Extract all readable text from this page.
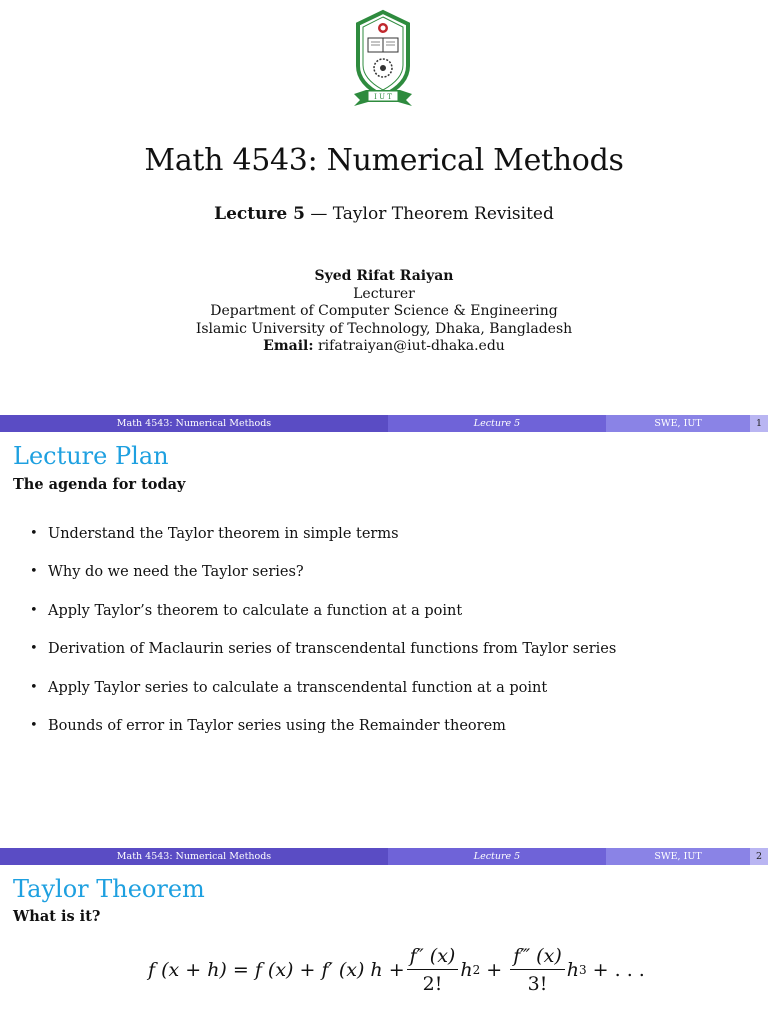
I U T
Math 4543: Numerical Methods
Lecture 5 — Taylor Theorem Revisited
Syed Rifat Raiyan
Lecturer
Department of Computer Science & Engineering
Islamic University of Technology, Dhaka, Bangladesh
Email: rifatraiyan@iut-dhaka.edu
Math 4543: Numerical Methods	Lecture 5	SWE, IUT	1
Lecture Plan
The agenda for today
• Understand the Taylor theorem in simple terms
• Why do we need the Taylor series?
• Apply Taylor’s theorem to calculate a function at a point
• Derivation of Maclaurin series of transcendental functions from Taylor series
• Apply Taylor series to calculate a transcendental function at a point
• Bounds of error in Taylor series using the Remainder theorem
Math 4543: Numerical Methods	Lecture 5	SWE, IUT	2
Taylor Theorem
What is it?
f (x + h) = f (x) + f′ (x) $h + \frac{f'' (x)}{2!}$ h $2 + \frac{f‴ (x)}{3!}$ h 3 + . . .
